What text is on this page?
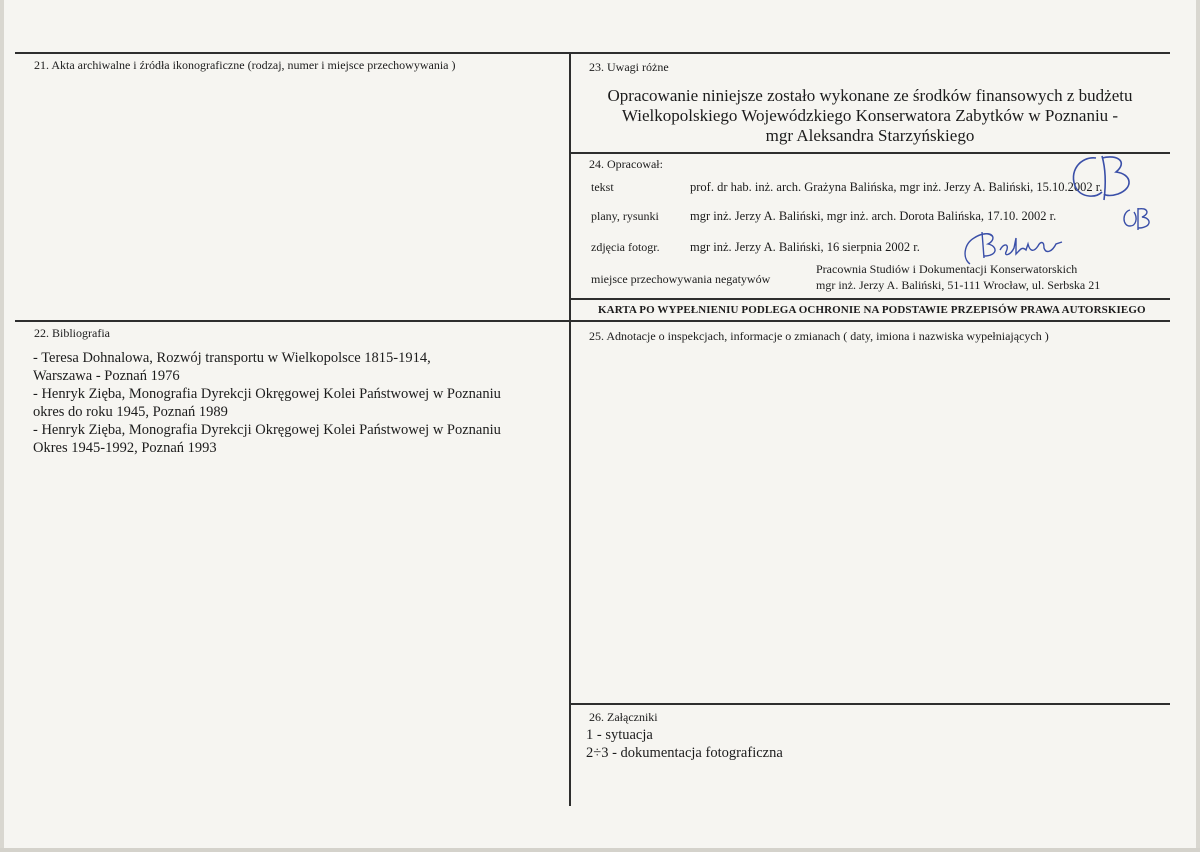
21. Akta archiwalne i źródła ikonograficzne (rodzaj, numer i miejsce przechowywania )	23. Uwagi różne
Opracowanie niniejsze zostało wykonane ze środków finansowych z budżetu
Wielkopolskiego Wojewódzkiego Konserwatora Zabytków w Poznaniu -
mgr Aleksandra Starzyńskiego
24. Opracował:
tekst	prof. dr hab. inż. arch. Grażyna Balińska, mgr inż. Jerzy A. Baliński, 15.10.2002 r.
plany, rysunki mgr inż. Jerzy A. Baliński, mgr inż. arch. Dorota Balińska, 17.10. 2002 r.
zdjęcia fotogr. mgr inż. Jerzy A. Baliński, 16 sierpnia 2002 r.
miejsce przechowywania negatywów
Pracownia Studiów i Dokumentacji Konserwatorskich
mgr inż. Jerzy A. Baliński, 51-111 Wrocław, ul. Serbska 21
KARTA PO WYPEŁNIENIU PODLEGA OCHRONIE NA PODSTAWIE PRZEPISÓW PRAWA AUTORSKIEGO
22. Bibliografia
- Teresa Dohnalowa, Rozwój transportu w Wielkopolsce 1815-1914,
Warszawa - Poznań 1976
- Henryk Zięba, Monografia Dyrekcji Okręgowej Kolei Państwowej w Poznaniu
okres do roku 1945, Poznań 1989
- Henryk Zięba, Monografia Dyrekcji Okręgowej Kolei Państwowej w Poznaniu
Okres 1945-1992, Poznań 1993
25. Adnotacje o inspekcjach, informacje o zmianach ( daty, imiona i nazwiska wypełniających )
26. Załączniki
1 - sytuacja
2÷3 - dokumentacja fotograficzna
